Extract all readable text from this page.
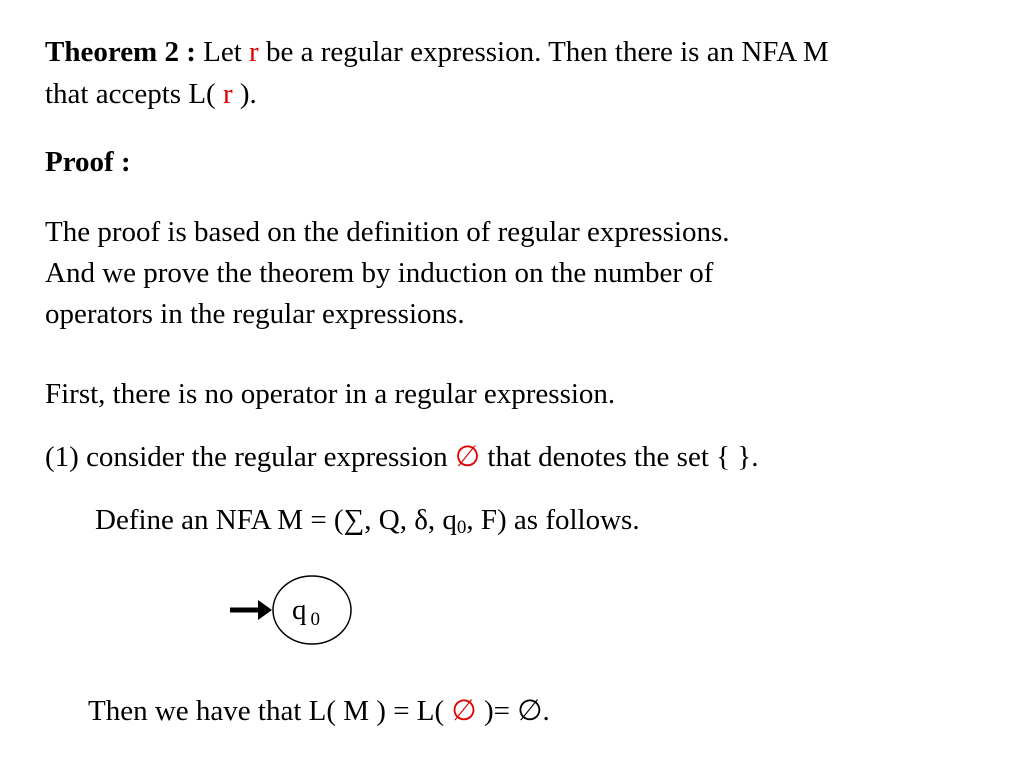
Theorem 2 : Let r be a regular expression. Then there is an NFA M
that accepts L( r ).
Proof :
The proof is based on the definition of regular expressions.
And we prove the theorem by induction on the number of
operators in the regular expressions.
First, there is no operator in a regular expression.
(1) consider the regular expression ∅ that denotes the set { }.
Define an NFA M = (∑, Q, δ, q0, F) as follows.
q $_0$
Then we have that L( M ) = L( ∅ )= ∅.
